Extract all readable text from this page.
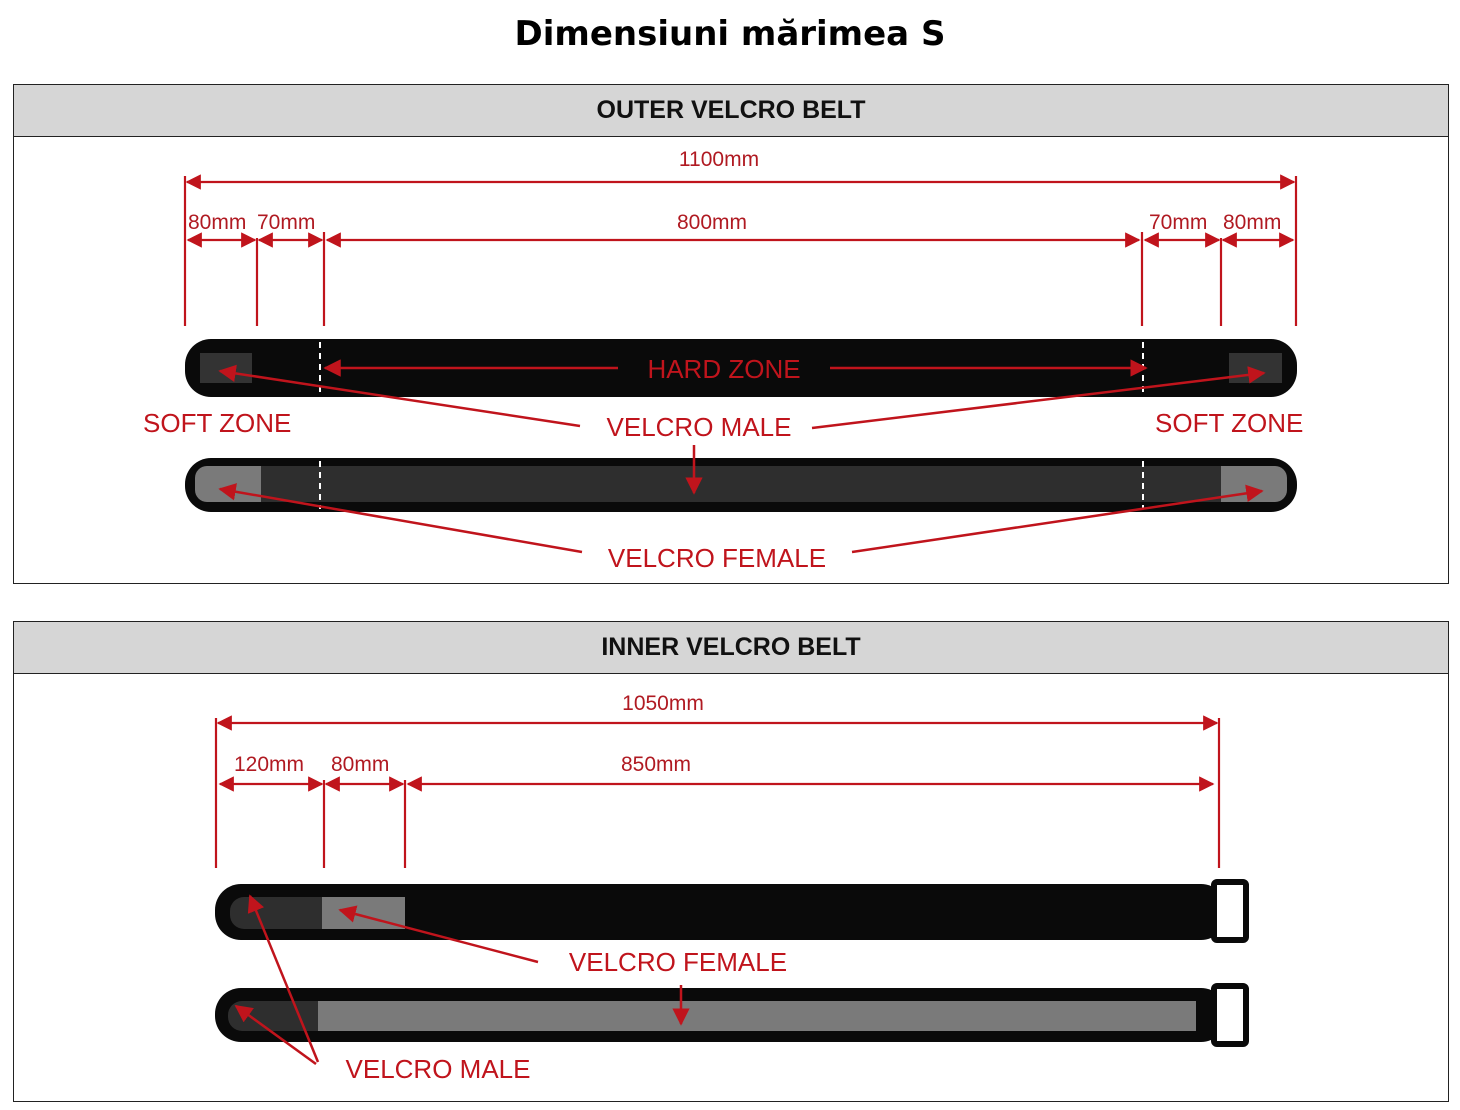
Dimensiuni mărimea S
OUTER VELCRO BELT
INNER VELCRO BELT
1100mm
80mm 70mm	800mm	70mm 80mm
HARD ZONE
SOFT ZONE	SOFT ZONE
VELCRO MALE
VELCRO FEMALE
1050mm
120mm 80mm	850mm
VELCRO FEMALE
VELCRO MALE
